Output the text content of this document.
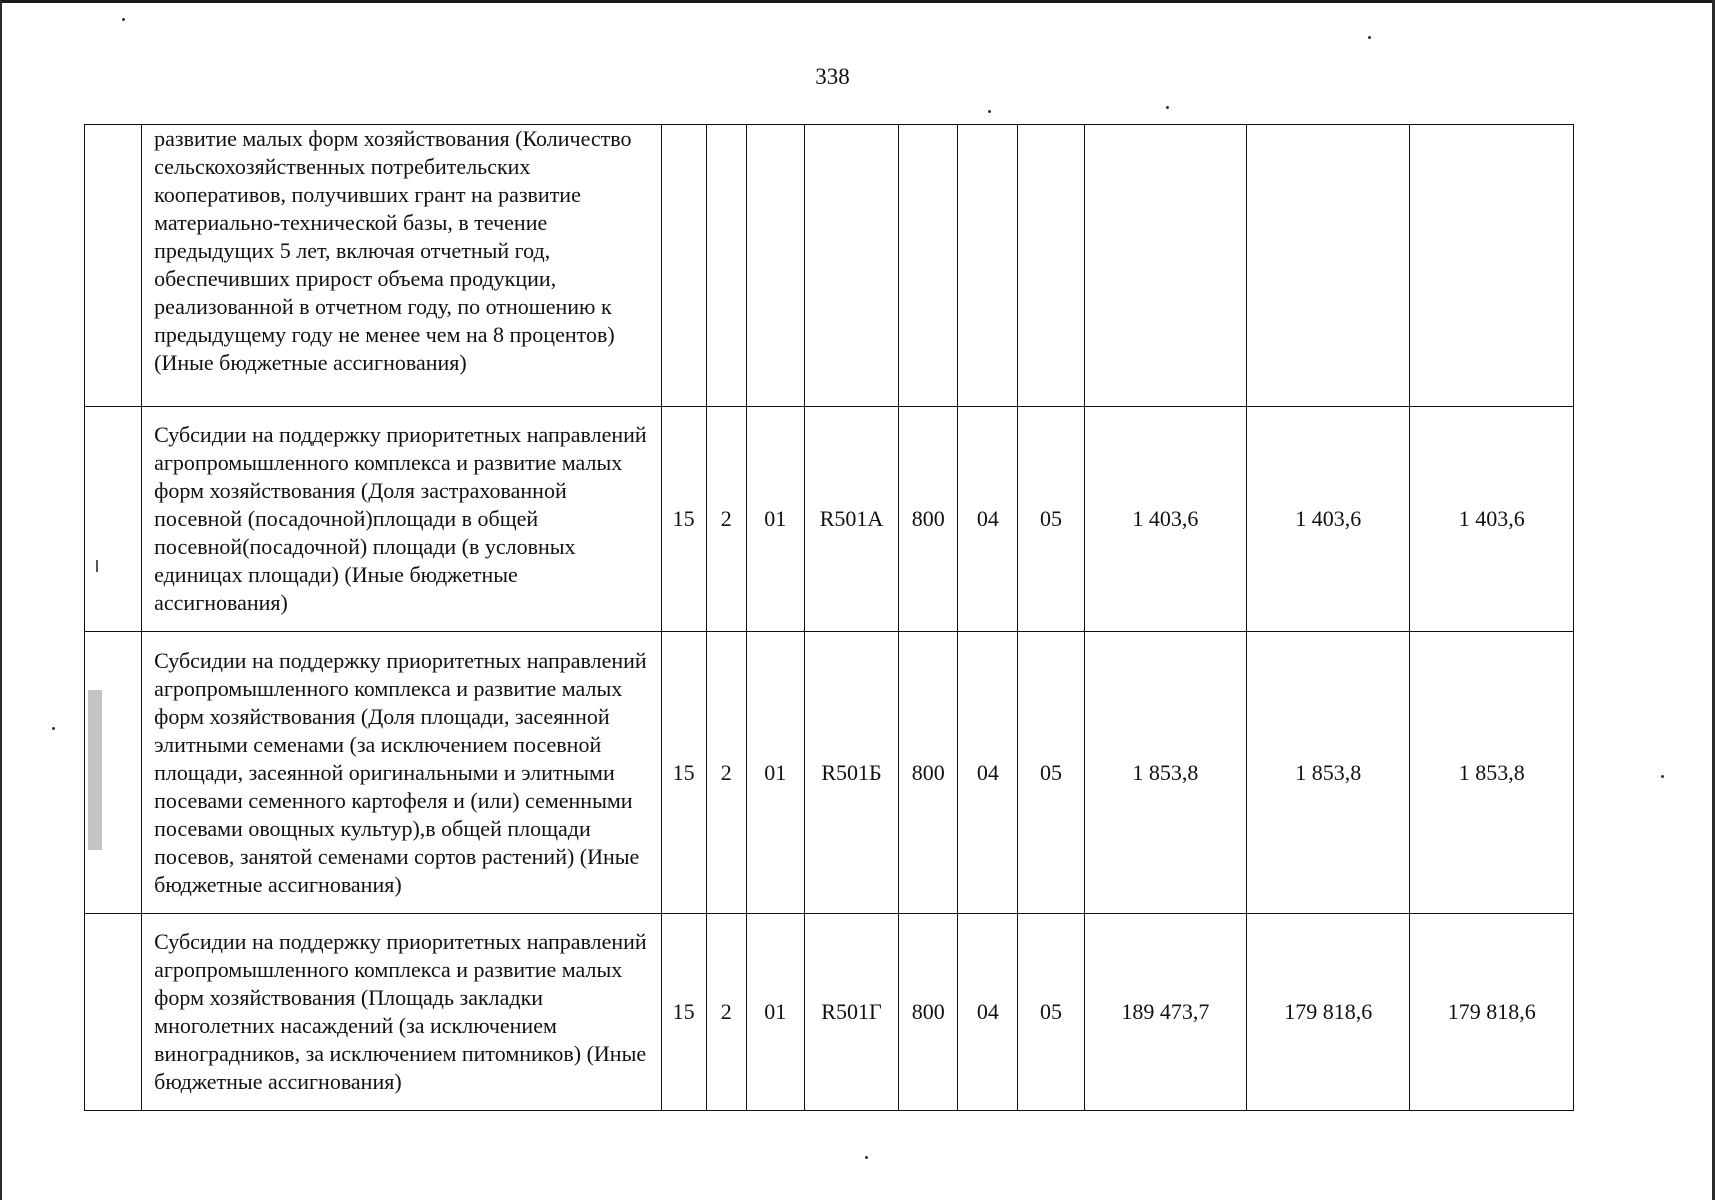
338
	развитие малых форм хозяйствования (Количество сельскохозяйственных потребительских кооперативов, получивших грант на развитие материально-технической базы, в течение предыдущих 5 лет, включая отчетный год, обеспечивших прирост объема продукции, реализованной в отчетном году, по отношению к предыдущему году не менее чем на 8 процентов) (Иные бюджетные ассигнования)										
	Субсидии на поддержку приоритетных направлений агропромышленного комплекса и развитие малых форм хозяйствования (Доля застрахованной посевной (посадочной)площади в общей посевной(посадочной) площади (в условных единицах площади) (Иные бюджетные ассигнования)	15	2	01	R501А	800	04	05	1 403,6	1 403,6	1 403,6
	Субсидии на поддержку приоритетных направлений агропромышленного комплекса и развитие малых форм хозяйствования (Доля площади, засеянной элитными семенами (за исключением посевной площади, засеянной оригинальными и элитными посевами семенного картофеля и (или) семенными посевами овощных культур),в общей площади посевов, занятой семенами сортов растений) (Иные бюджетные ассигнования)	15	2	01	R501Б	800	04	05	1 853,8	1 853,8	1 853,8
	Субсидии на поддержку приоритетных направлений агропромышленного комплекса и развитие малых форм хозяйствования (Площадь закладки многолетних насаждений (за исключением виноградников, за исключением питомников) (Иные бюджетные ассигнования)	15	2	01	R501Г	800	04	05	189 473,7	179 818,6	179 818,6
